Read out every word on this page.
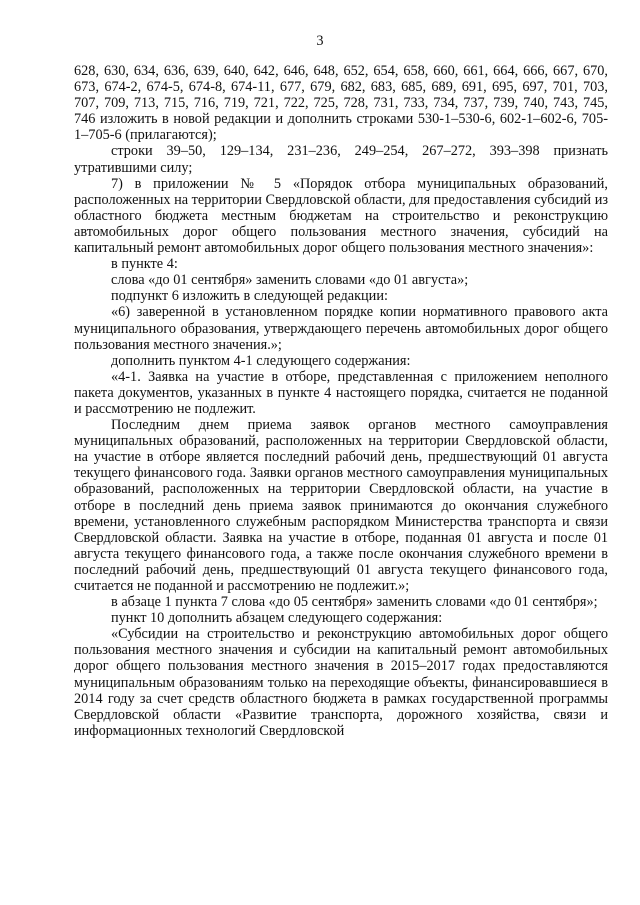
3

628, 630, 634, 636, 639, 640, 642, 646, 648, 652, 654, 658, 660, 661, 664, 666, 667, 670, 673, 674-2, 674-5, 674-8, 674-11, 677, 679, 682, 683, 685, 689, 691, 695, 697, 701, 703, 707, 709, 713, 715, 716, 719, 721, 722, 725, 728, 731, 733, 734, 737, 739, 740, 743, 745, 746 изложить в новой редакции и дополнить строками 530-1–530-6, 602-1–602-6, 705-1–705-6 (прилагаются);

строки 39–50, 129–134, 231–236, 249–254, 267–272, 393–398 признать утратившими силу;

7) в приложении № 5 «Порядок отбора муниципальных образований, расположенных на территории Свердловской области, для предоставления субсидий из областного бюджета местным бюджетам на строительство и реконструкцию автомобильных дорог общего пользования местного значения, субсидий на капитальный ремонт автомобильных дорог общего пользования местного значения»:

в пункте 4:

слова «до 01 сентября» заменить словами «до 01 августа»;

подпункт 6 изложить в следующей редакции:

«6) заверенной в установленном порядке копии нормативного правового акта муниципального образования, утверждающего перечень автомобильных дорог общего пользования местного значения.»;

дополнить пунктом 4-1 следующего содержания:

«4-1. Заявка на участие в отборе, представленная с приложением неполного пакета документов, указанных в пункте 4 настоящего порядка, считается не поданной и рассмотрению не подлежит.

Последним днем приема заявок органов местного самоуправления муниципальных образований, расположенных на территории Свердловской области, на участие в отборе является последний рабочий день, предшествующий 01 августа текущего финансового года. Заявки органов местного самоуправления муниципальных образований, расположенных на территории Свердловской области, на участие в отборе в последний день приема заявок принимаются до окончания служебного времени, установленного служебным распорядком Министерства транспорта и связи Свердловской области. Заявка на участие в отборе, поданная 01 августа и после 01 августа текущего финансового года, а также после окончания служебного времени в последний рабочий день, предшествующий 01 августа текущего финансового года, считается не поданной и рассмотрению не подлежит.»;

в абзаце 1 пункта 7 слова «до 05 сентября» заменить словами «до 01 сентября»;

пункт 10 дополнить абзацем следующего содержания:

«Субсидии на строительство и реконструкцию автомобильных дорог общего пользования местного значения и субсидии на капитальный ремонт автомобильных дорог общего пользования местного значения в 2015–2017 годах предоставляются муниципальным образованиям только на переходящие объекты, финансировавшиеся в 2014 году за счет средств областного бюджета в рамках государственной программы Свердловской области «Развитие транспорта, дорожного хозяйства, связи и информационных технологий Свердловской
